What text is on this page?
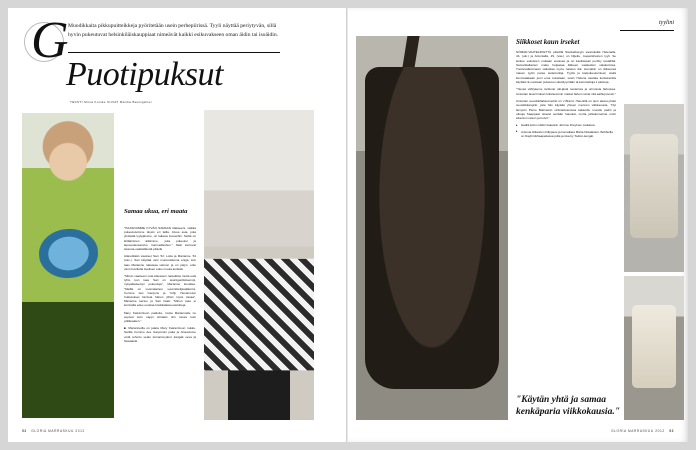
G Muodikkaita pikkupuitteikkeja pyöritetään usein perhepiirissä. Tyyli näyttää periytyvän, sillä hyvin pukeutuvat helsinkiläiskauppiaat nimeävät kaikki esikuvakseen oman äidin tai isoäidin.
Puotipuksut
TEKSTI Miina Kumke KUVAT Marika Baumgärtel
Samaa ukua, eri maata

"HAASOUMME KYVÄN SAMAAN tilakseeni, vaikka pukeutuisimme täysin eri lailla. Aivoa asia, joka yhdistää tyylejämme, on taikaus kuoseihin. Selitä on kiitttäminen äitiämme, joka pukeutui ja lapsuudessamme marmeikkuhun." Näin kertovat Aasuna-vaatteliikettä pitävät

Alanetttään sisokset Sari, 52, Lotta ja Marianne, 54 (vas.). Sari käyttää vain muotoutikonia eniga, kun taas Marianne rakastaa vaimon ja on palyn, erite varsi kuvittella itselleen edes muuta kenkää.

"Minun vaatteeni ovat klassisen naisellisia mutta esiä tyhä, kun taas Sari on avantgardistisempi, nykyaikaisempi pukeutuja", Marianne kuvailee. "Meillä on suomalainen suunnittelijavalikoimi. Comme des Garçons ja Yohji Yamamoton huikutukset loimivat hänen ylhän myös toisaa", Marianne kertoo ja Sari lisää: "Minun taas ei koinnalla edes ooottaa kreikkalaisuuotelutteja.

Mary Katrantzoun paidoita, mutta Mariannelle ne sopivat kuin nappi silmään niin toissa kuin pöllävaalen."

■ Marianneilla on jalata Mary Katrantzoun nukku, Sarilla Comme des Garçonsin paita ja Anauolume voilä (ehorto sealu domainoydour kangäk seva jä Savalanki.

52 GLORIA MARRASKUU 2012
tyylini
Siikkoset kaun irseket

NÖMAD-VAATELIIKETTÄ pitävillä Stackelbergin sisaruksilla Helenalla, 44, (oik.) ja Antonialla, 29, (vas.) on hiljettu, mapeitsheinen tyyli. Se kuikee sokoisten mukaan suvassa ja on kaviliavasti perittiy isoäidiltä. Samankaltainen maku heijastaa liikkeen vaatteiden valakoimisa. Tuottevalikoimaan vaikuttaa myös naisten ikä: kumpikin on ikäisensä naisen tyylin paras asiantuntija. Tyyliä ja kielpukeutumisen oiskä kummalakaan juuri eroa toisistaan, toisin Helena vaattaa korkokenkia käyttää rä-vuottaan pukeutuu skettityyntään tä kerrottelluja ii palstoja.

"Tiessä vähtykeme tarttuvat väl-jäsiä neuleinsa ja orimotsia farkuissa. Antonian lassii hiukan lutiivaemmin matkei farkut vuivat vitä aalhupuvusti."

Antonian suosikkifarkkumerkki on J Brand, Helenillä on tiern aksisi-yhdet suosikkikangrät, joita hän käyttää yhteen mennen vikkkauusia. "Nyt lampuin Pierre Balmainin virttinattvamissa kakkoiltu muodis padin ja olluuja Saappaat ottavat sertään hauskat, mutta juhlatunnelma omtri alventui mekon ja huivit."

▸ Hadiiti kohu mikkiz kakeisiin Jérôme Dreyfuss -laukkuia.
▸ Antonia Hiltaniton Fillppaus ja komalkiea Märta Niisalaitetn. Bobbuilla on DaybirdsSaapaitassa joilla ja iiisa by Todsin-kengät.
"Käytän yhtä ja samaa kenkäparia viikkokausia."
GLORIA MARRASKUU 2012 53
